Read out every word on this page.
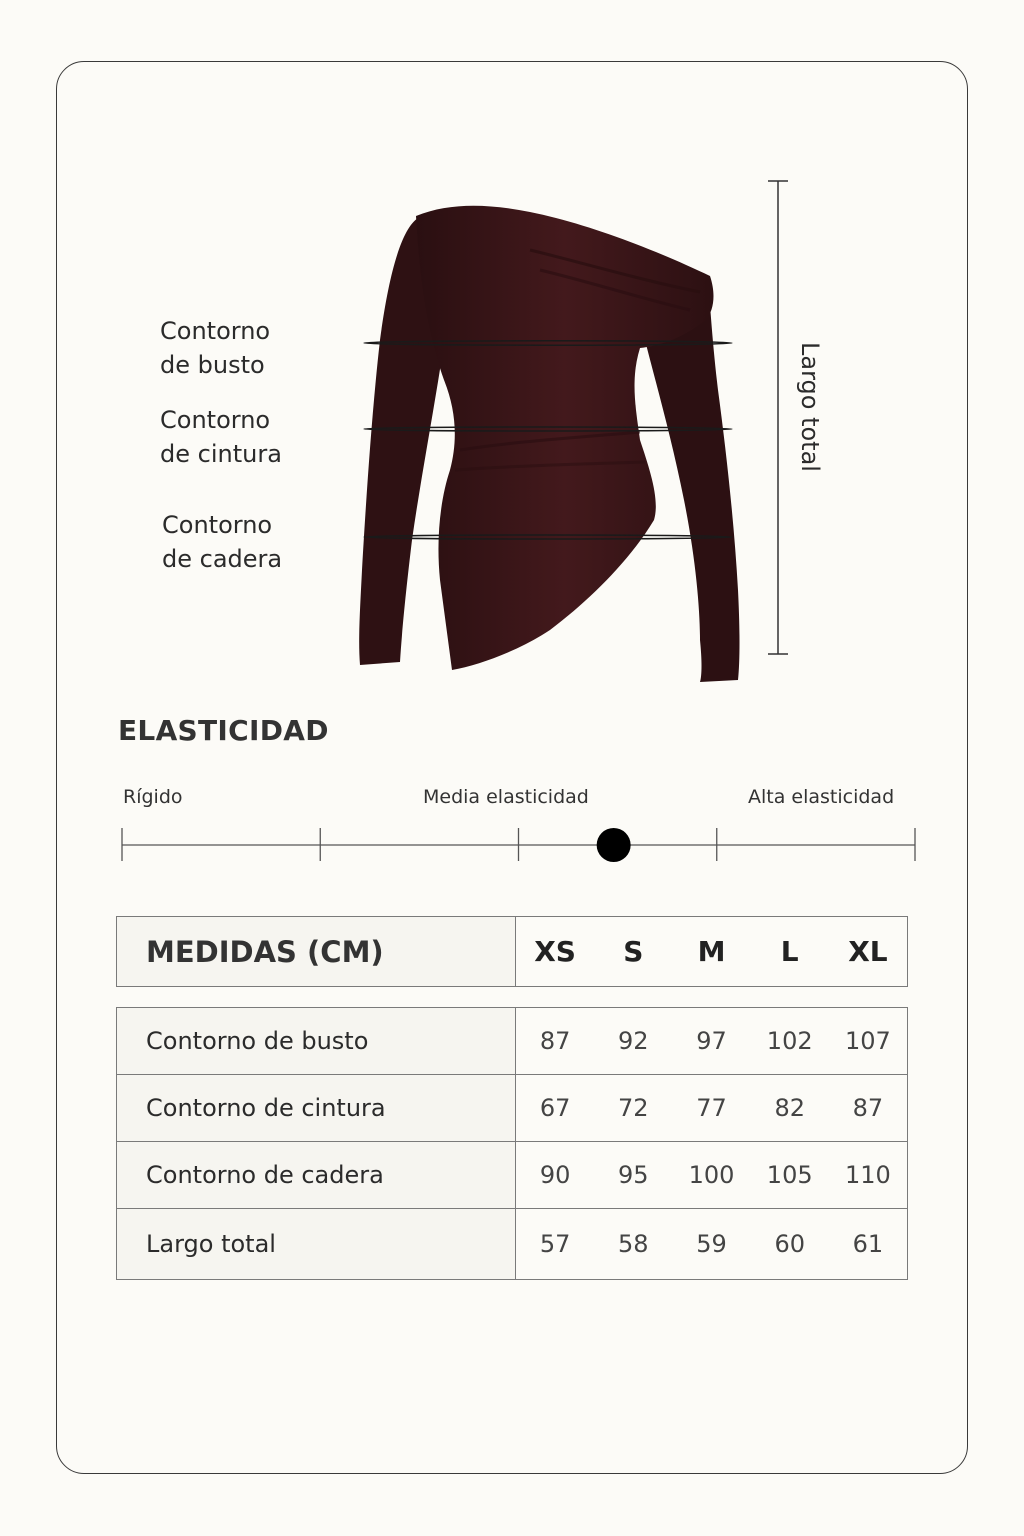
Contorno
de busto
Contorno
de cintura
Contorno
de cadera
Largo total
ELASTICIDAD
Rígido	Media elasticidad	Alta elasticidad
MEDIDAS (CM)	XS	S	M	L	XL
Contorno de busto	87 92 97 102 107

Contorno de cintura	67 72 77 82 87

Contorno de cadera	90 95 100 105 110

Largo total	57 58 59 60 61
